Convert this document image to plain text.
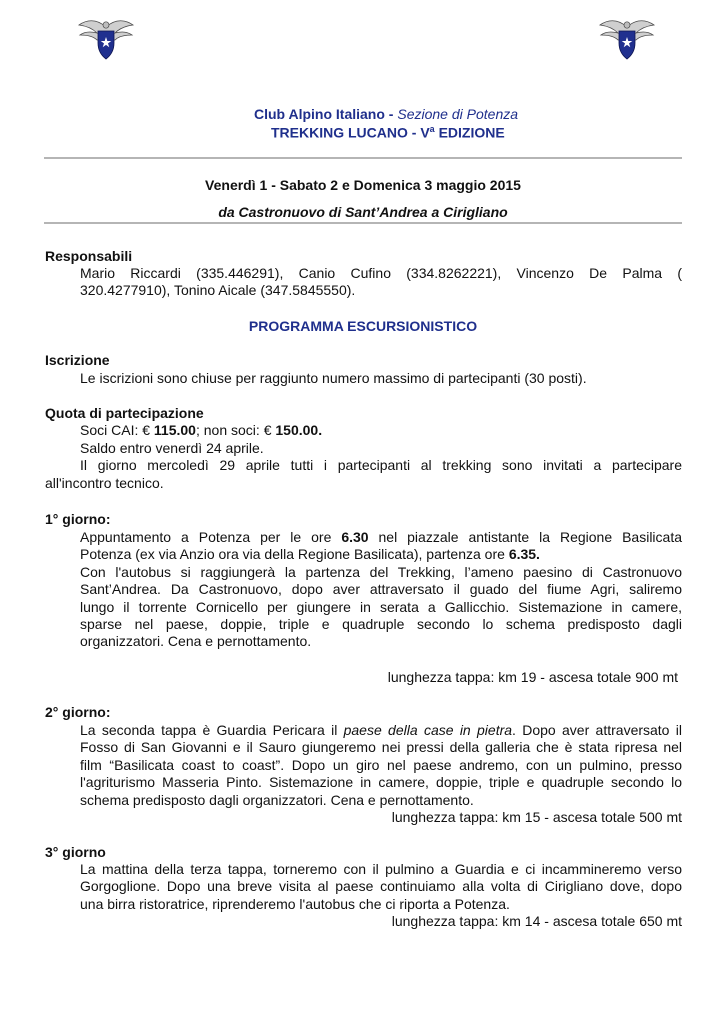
Club Alpino Italiano - Sezione di Potenza
TREKKING LUCANO - $V^a$ EDIZIONE
Venerdì 1 - Sabato 2 e Domenica 3 maggio 2015
da Castronuovo di Sant’Andrea a Cirigliano
Responsabili
Mario Riccardi (335.446291), Canio Cufino (334.8262221), Vincenzo De Palma (
320.4277910), Tonino Aicale (347.5845550).
PROGRAMMA ESCURSIONISTICO
Iscrizione
Le iscrizioni sono chiuse per raggiunto numero massimo di partecipanti (30 posti).
Quota di partecipazione
Soci CAI: € 115.00; non soci: € 150.00.
Saldo entro venerdì 24 aprile.
Il giorno mercoledì 29 aprile tutti i partecipanti al trekking sono invitati a partecipare
all'incontro tecnico.
1° giorno:
Appuntamento a Potenza per le ore 6.30 nel piazzale antistante la Regione Basilicata
Potenza (ex via Anzio ora via della Regione Basilicata), partenza ore 6.35.
Con l'autobus si raggiungerà la partenza del Trekking, l’ameno paesino di Castronuovo
Sant’Andrea. Da Castronuovo, dopo aver attraversato il guado del fiume Agri, saliremo
lungo il torrente Cornicello per giungere in serata a Gallicchio. Sistemazione in camere,
sparse nel paese, doppie, triple e quadruple secondo lo schema predisposto dagli
organizzatori. Cena e pernottamento.
lunghezza tappa: km 19 - ascesa totale 900 mt
2° giorno:
La seconda tappa è Guardia Pericara il paese della case in pietra. Dopo aver attraversato il
Fosso di San Giovanni e il Sauro giungeremo nei pressi della galleria che è stata ripresa nel
film “Basilicata coast to coast”. Dopo un giro nel paese andremo, con un pulmino, presso
l'agriturismo Masseria Pinto. Sistemazione in camere, doppie, triple e quadruple secondo lo
schema predisposto dagli organizzatori. Cena e pernottamento.
lunghezza tappa: km 15 - ascesa totale 500 mt
3° giorno
La mattina della terza tappa, torneremo con il pulmino a Guardia e ci incammineremo verso
Gorgoglione. Dopo una breve visita al paese continuiamo alla volta di Cirigliano dove, dopo
una birra ristoratrice, riprenderemo l'autobus che ci riporta a Potenza.
lunghezza tappa: km 14 - ascesa totale 650 mt
